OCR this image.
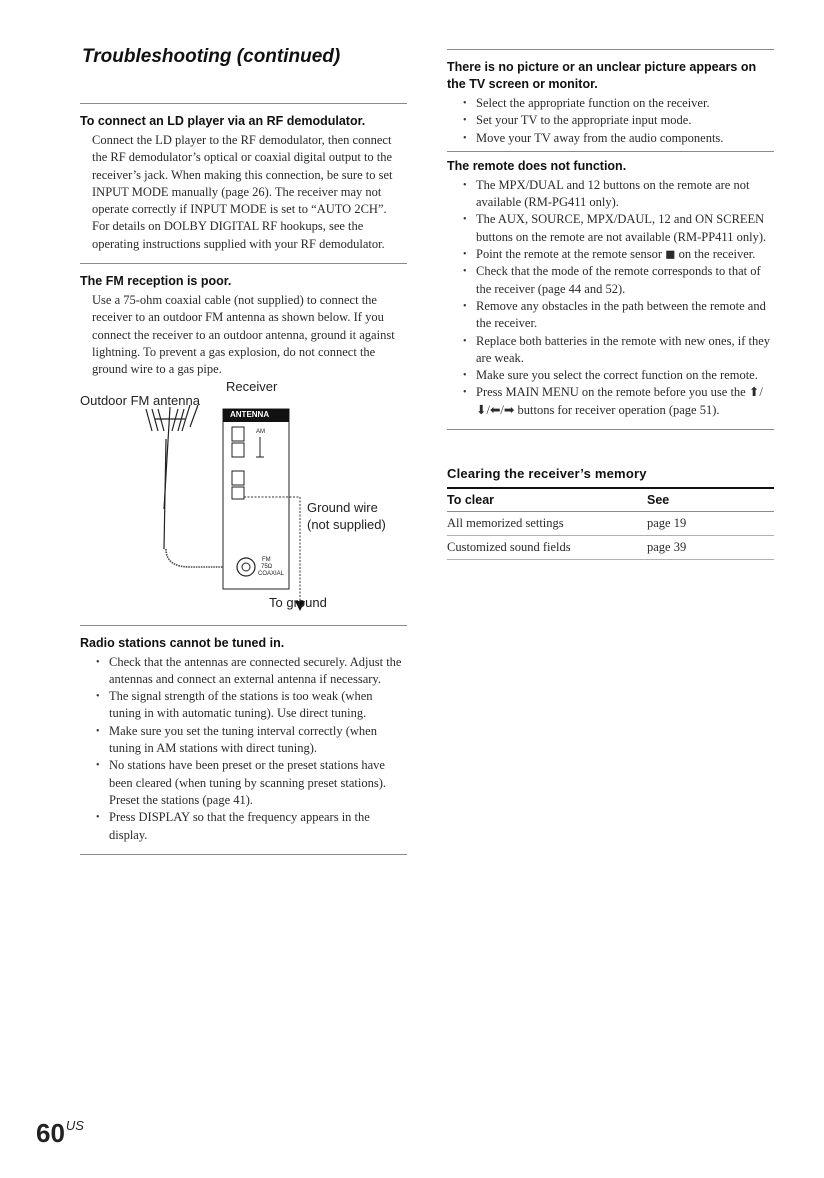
Troubleshooting (continued)
To connect an LD player via an RF demodulator.

Connect the LD player to the RF demodulator, then connect the RF demodulator’s optical or coaxial digital output to the receiver’s jack. When making this connection, be sure to set INPUT MODE manually (page 26). The receiver may not operate correctly if INPUT MODE is set to “AUTO 2CH”. For details on DOLBY DIGITAL RF hookups, see the operating instructions supplied with your RF demodulator.

The FM reception is poor.

Use a 75-ohm coaxial cable (not supplied) to connect the receiver to an outdoor FM antenna as shown below. If you connect the receiver to an outdoor antenna, ground it against lightning. To prevent a gas explosion, do not connect the ground wire to a gas pipe.

Receiver
Outdoor FM antenna
ANTENNA
AM
FM
75Ω
COAXIAL
Ground wire
(not supplied)
To ground
Radio stations cannot be tuned in.
• Check that the antennas are connected securely. Adjust the antennas and connect an external antenna if necessary.
• The signal strength of the stations is too weak (when tuning in with automatic tuning). Use direct tuning.
• Make sure you set the tuning interval correctly (when tuning in AM stations with direct tuning).
• No stations have been preset or the preset stations have been cleared (when tuning by scanning preset stations). Preset the stations (page 41).
• Press DISPLAY so that the frequency appears in the display.
There is no picture or an unclear picture appears on the TV screen or monitor.
• Select the appropriate function on the receiver.
• Set your TV to the appropriate input mode.
• Move your TV away from the audio components.
The remote does not function.
• The MPX/DUAL and 12 buttons on the remote are not available (RM-PG411 only).
• The AUX, SOURCE, MPX/DAUL, 12 and ON SCREEN buttons on the remote are not available (RM-PP411 only).
• Point the remote at the remote sensor ◼ on the receiver.
• Check that the mode of the remote corresponds to that of the receiver (page 44 and 52).
• Remove any obstacles in the path between the remote and the receiver.
• Replace both batteries in the remote with new ones, if they are weak.
• Make sure you select the correct function on the remote.
• Press MAIN MENU on the remote before you use the ⬆/⬇/⬅/➡ buttons for receiver operation (page 51).
Clearing the receiver’s memory
To clear	See
All memorized settings	page 19
Customized sound fields	page 39
$60^{US}$
